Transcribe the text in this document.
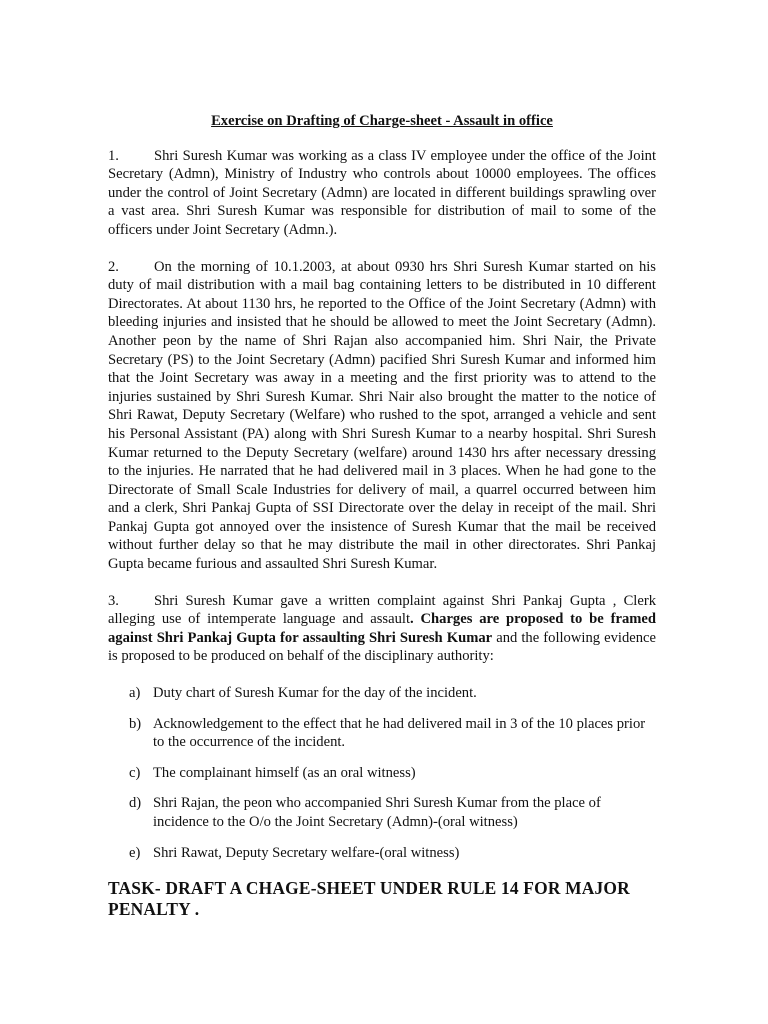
Exercise on Drafting of Charge-sheet - Assault in office

1. Shri Suresh Kumar was working as a class IV employee under the office of the Joint Secretary (Admn), Ministry of Industry who controls about 10000 employees. The offices under the control of Joint Secretary (Admn) are located in different buildings sprawling over a vast area. Shri Suresh Kumar was responsible for distribution of mail to some of the officers under Joint Secretary (Admn.).

2. On the morning of 10.1.2003, at about 0930 hrs Shri Suresh Kumar started on his duty of mail distribution with a mail bag containing letters to be distributed in 10 different Directorates. At about 1130 hrs, he reported to the Office of the Joint Secretary (Admn) with bleeding injuries and insisted that he should be allowed to meet the Joint Secretary (Admn). Another peon by the name of Shri Rajan also accompanied him. Shri Nair, the Private Secretary (PS) to the Joint Secretary (Admn) pacified Shri Suresh Kumar and informed him that the Joint Secretary was away in a meeting and the first priority was to attend to the injuries sustained by Shri Suresh Kumar. Shri Nair also brought the matter to the notice of Shri Rawat, Deputy Secretary (Welfare) who rushed to the spot, arranged a vehicle and sent his Personal Assistant (PA) along with Shri Suresh Kumar to a nearby hospital. Shri Suresh Kumar returned to the Deputy Secretary (welfare) around 1430 hrs after necessary dressing to the injuries. He narrated that he had delivered mail in 3 places. When he had gone to the Directorate of Small Scale Industries for delivery of mail, a quarrel occurred between him and a clerk, Shri Pankaj Gupta of SSI Directorate over the delay in receipt of the mail. Shri Pankaj Gupta got annoyed over the insistence of Suresh Kumar that the mail be received without further delay so that he may distribute the mail in other directorates. Shri Pankaj Gupta became furious and assaulted Shri Suresh Kumar.

3. Shri Suresh Kumar gave a written complaint against Shri Pankaj Gupta , Clerk alleging use of intemperate language and assault. Charges are proposed to be framed against Shri Pankaj Gupta for assaulting Shri Suresh Kumar and the following evidence is proposed to be produced on behalf of the disciplinary authority:

a) Duty chart of Suresh Kumar for the day of the incident.
b) Acknowledgement to the effect that he had delivered mail in 3 of the 10 places prior to the occurrence of the incident.
c) The complainant himself (as an oral witness)
d) Shri Rajan, the peon who accompanied Shri Suresh Kumar from the place of incidence to the O/o the Joint Secretary (Admn)-(oral witness)
e) Shri Rawat, Deputy Secretary welfare-(oral witness)
TASK- DRAFT A CHAGE-SHEET UNDER RULE 14 FOR MAJOR PENALTY .
